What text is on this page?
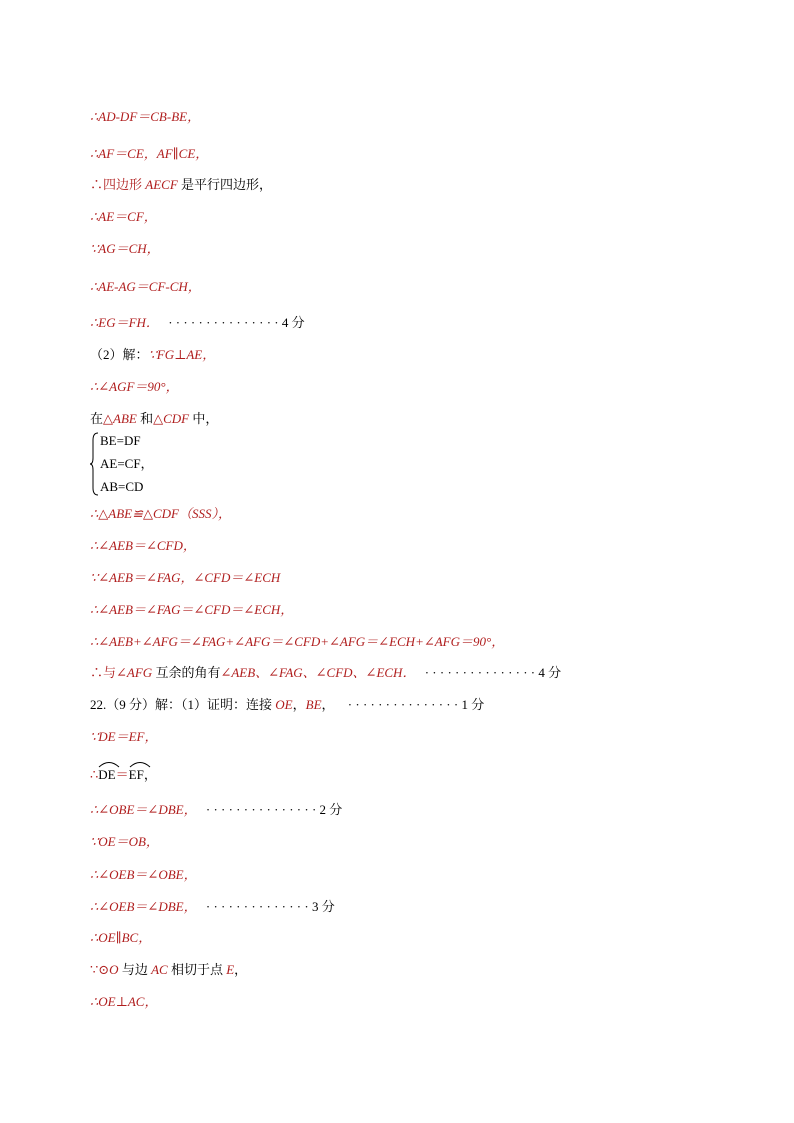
∴AD-DF＝CB-BE，
∴AF＝CE，AF∥CE，
∴四边形 AECF 是平行四边形，
∴AE＝CF，
∵AG＝CH，
∴AE-AG＝CF-CH，
∴EG＝FH． · · · · · · · · · · · · · · · 4 分
（2）解：∵FG⊥AE，
∴∠AGF＝90°，
在△ABE 和△CDF 中，
BE=DF
AE=CF，
AB=CD
∴△ABE≌△CDF（SSS），
∴∠AEB＝∠CFD，
∵∠AEB＝∠FAG，∠CFD＝∠ECH
∴∠AEB＝∠FAG＝∠CFD＝∠ECH，
∴∠AEB+∠AFG＝∠FAG+∠AFG＝∠CFD+∠AFG＝∠ECH+∠AFG＝90°，
∴与∠AFG 互余的角有∠AEB、∠FAG、∠CFD、∠ECH． · · · · · · · · · · · · · · · 4 分
22.（9 分）解：（1）证明：连接 OE，BE， · · · · · · · · · · · · · · · 1 分
∵DE＝EF，
∴
DE＝
EF，
∴∠OBE＝∠DBE， · · · · · · · · · · · · · · · 2 分
∵OE＝OB，
∴∠OEB＝∠OBE，
∴∠OEB＝∠DBE， · · · · · · · · · · · · · · 3 分
∴OE∥BC，
∵⊙O 与边 AC 相切于点 E，
∴OE⊥AC，
